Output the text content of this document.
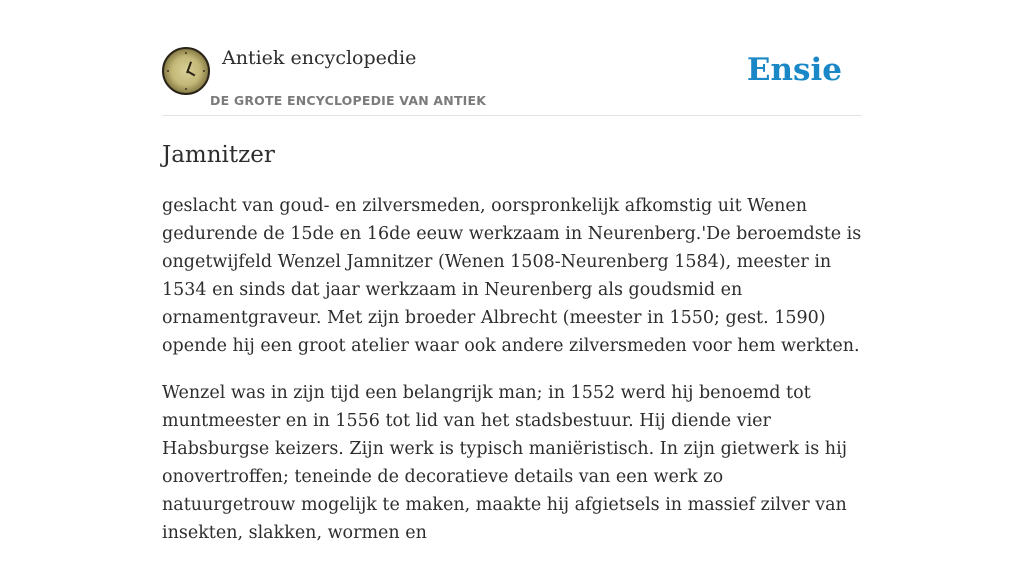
Antiek encyclopedie
DE GROTE ENCYCLOPEDIE VAN ANTIEK
Ensie
Jamnitzer

geslacht van goud- en zilversmeden, oorspronkelijk afkomstig uit Wenen gedurende de 15de en 16de eeuw werkzaam in Neurenberg.'De beroemdste is ongetwijfeld Wenzel Jamnitzer (Wenen 1508-Neurenberg 1584), meester in 1534 en sinds dat jaar werkzaam in Neurenberg als goudsmid en ornamentgraveur. Met zijn broeder Albrecht (meester in 1550; gest. 1590) opende hij een groot atelier waar ook andere zilversmeden voor hem werkten.

Wenzel was in zijn tijd een belangrijk man; in 1552 werd hij benoemd tot muntmeester en in 1556 tot lid van het stadsbestuur. Hij diende vier Habsburgse keizers. Zijn werk is typisch maniëristisch. In zijn gietwerk is hij onovertroffen; teneinde de decoratieve details van een werk zo natuurgetrouw mogelijk te maken, maakte hij afgietsels in massief zilver van insekten, slakken, wormen en
